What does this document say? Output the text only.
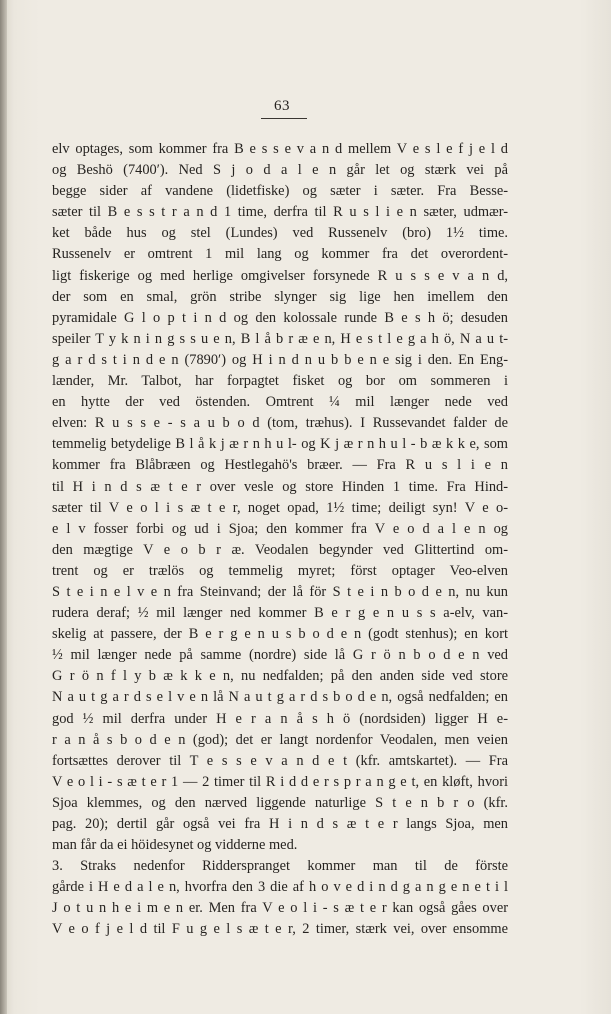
63
elv optages, som kommer fra B e s s e v a n d mellem V e s l e f j e l d
og Beshö (7400′). Ned S j o d a l e n går let og stærk vei på
begge sider af vandene (lidetfiske) og sæter i sæter. Fra Besse-
sæter til B e s s t r a n d 1 time, derfra til R u s l i e n sæter, udmær-
ket både hus og stel (Lundes) ved Russenelv (bro) 1½ time.
Russenelv er omtrent 1 mil lang og kommer fra det overordent-
ligt fiskerige og med herlige omgivelser forsynede R u s s e v a n d,
der som en smal, grön stribe slynger sig lige hen imellem den
pyramidale G l o p t i n d og den kolossale runde B e s h ö; desuden
speiler T y k n i n g s s u e n, B l å b r æ e n, H e s t l e g a h ö, N a u t-
g a r d s t i n d e n (7890′) og H i n d n u b b e n e sig i den. En Eng-
lænder, Mr. Talbot, har forpagtet fisket og bor om sommeren i
en hytte der ved östenden. Omtrent ¼ mil længer nede ved
elven: R u s s e - s a u b o d (tom, træhus). I Russevandet falder de
temmelig betydelige B l å k j æ r n h u l- og K j æ r n h u l - b æ k k e, som
kommer fra Blåbræen og Hestlegahö's bræer. — Fra R u s l i e n
til H i n d s æ t e r over vesle og store Hinden 1 time. Fra Hind-
sæter til V e o l i s æ t e r, noget opad, 1½ time; deiligt syn! V e o-
e l v fosser forbi og ud i Sjoa; den kommer fra V e o d a l e n og
den mægtige V e o b r æ. Veodalen begynder ved Glittertind om-
trent og er trælös og temmelig myret; först optager Veo-elven
S t e i n e l v e n fra Steinvand; der lå för S t e i n b o d e n, nu kun
rudera deraf; ½ mil længer ned kommer B e r g e n u s s a-elv, van-
skelig at passere, der B e r g e n u s b o d e n (godt stenhus); en kort
½ mil længer nede på samme (nordre) side lå G r ö n b o d e n ved
G r ö n f l y b æ k k e n, nu nedfalden; på den anden side ved store
N a u t g a r d s e l v e n lå N a u t g a r d s b o d e n, også nedfalden; en
god ½ mil derfra under H e r a n å s h ö (nordsiden) ligger H e-
r a n å s b o d e n (god); det er langt nordenfor Veodalen, men veien
fortsættes derover til T e s s e v a n d e t (kfr. amtskartet). — Fra
V e o l i - s æ t e r 1 — 2 timer til R i d d e r s p r a n g e t, en kløft, hvori
Sjoa klemmes, og den nærved liggende naturlige S t e n b r o (kfr.
pag. 20); dertil går også vei fra H i n d s æ t e r langs Sjoa, men
man får da ei höidesynet og vidderne med.
3. Straks nedenfor Ridderspranget kommer man til de förste
gårde i H e d a l e n, hvorfra den 3 die af h o v e d i n d g a n g e n e t i l
J o t u n h e i m e n er. Men fra V e o l i - s æ t e r kan også gåes over
V e o f j e l d til F u g e l s æ t e r, 2 timer, stærk vei, over ensomme
